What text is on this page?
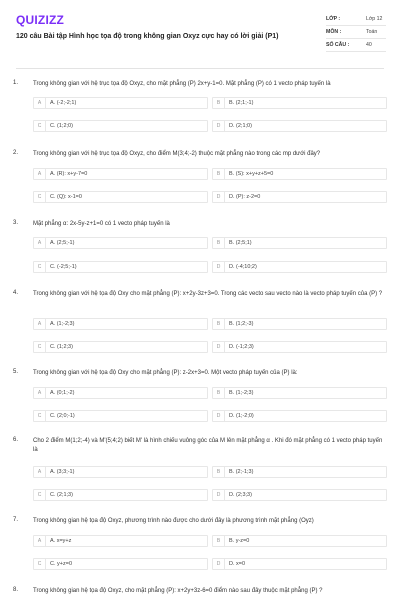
QUIZIZZ
120 câu Bài tập Hình học tọa độ trong không gian Oxyz cực hay có lời giải (P1)
LỚP :	Lớp 12
MÔN :	Toán
SỐ CÂU :	40
1. Trong không gian với hệ trục tọa độ Oxyz, cho mặt phẳng (P) 2x+y-1=0. Mặt phẳng (P) có 1 vecto pháp tuyến là
A	A. (-2;-2;1)	B	B. (2;1;-1)
C	C. (1;2;0)	D	D. (2;1;0)
2. Trong không gian với hệ trục tọa độ Oxyz, cho điểm M(3;4;-2) thuộc mặt phẳng nào trong các mp dưới đây?
A	A. (R): x+y-7=0	B	B. (S): x+y+z+5=0
C	C. (Q): x-1=0	D	D. (P): z-2=0
3. Mặt phẳng α: 2x-5y-z+1=0 có 1 vecto pháp tuyến là
A	A. (2;5;-1)	B	B. (2;5;1)
C	C. (-2;5;-1)	D	D. (-4;10;2)
4. Trong không gian với hệ tọa độ Oxy cho mặt phẳng (P): x+2y-3z+3=0. Trong các vecto sau vecto nào là vecto pháp tuyến của (P) ?
A	A. (1;-2;3)	B	B. (1;2;-3)
C	C. (1;2;3)	D	D. (-1;2;3)
5. Trong không gian với hệ tọa độ Oxy cho mặt phẳng (P): z-2x+3=0. Một vecto pháp tuyến của (P) là:
A	A. (0;1;-2)	B	B. (1;-2;3)
C	C. (2;0;-1)	D	D. (1;-2;0)
6. Cho 2 điểm M(1;2;-4) và M'(5;4;2) biết M' là hình chiếu vuông góc của M lên mặt phẳng α . Khi đó mặt phẳng có 1 vecto pháp tuyến là
A	A. (3;3;-1)	B	B. (2;-1;3)
C	C. (2;1;3)	D	D. (2;3;3)
7. Trong không gian hệ tọa độ Oxyz, phương trình nào được cho dưới đây là phương trình mặt phẳng (Oyz)
A	A. x=y+z	B	B. y-z=0
C	C. y+z=0	D	D. x=0
8. Trong không gian hệ tọa độ Oxyz, cho mặt phẳng (P): x+2y+3z-6=0 điểm nào sau đây thuộc mặt phẳng (P) ?
